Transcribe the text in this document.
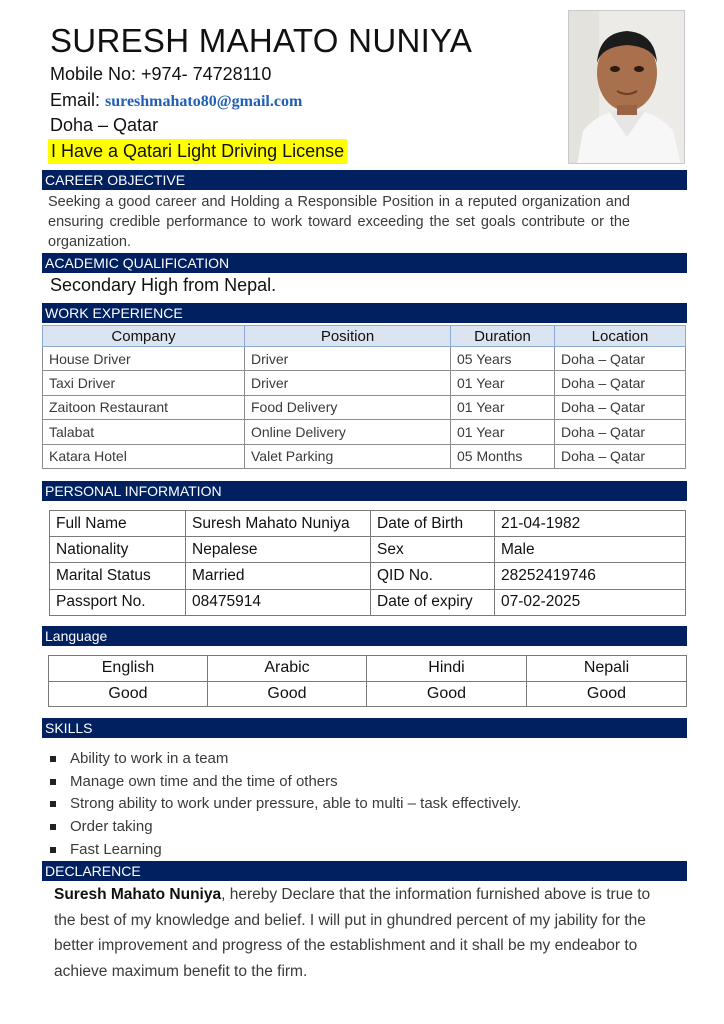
SURESH MAHATO NUNIYA
Mobile No: +974- 74728110
Email: sureshmahato80@gmail.com
Doha – Qatar
I Have a Qatari Light Driving License
CAREER OBJECTIVE
Seeking a good career and Holding a Responsible Position in a reputed organization and ensuring credible performance to work toward exceeding the set goals contribute or the organization.
ACADEMIC QUALIFICATION
Secondary High from Nepal.
WORK EXPERIENCE
Company	Position	Duration	Location
House Driver	Driver	05 Years	Doha – Qatar
Taxi Driver	Driver	01 Year	Doha – Qatar
Zaitoon Restaurant	Food Delivery	01 Year	Doha – Qatar
Talabat	Online Delivery	01 Year	Doha – Qatar
Katara Hotel	Valet Parking	05 Months	Doha – Qatar
PERSONAL INFORMATION
Full Name	Suresh Mahato Nuniya	Date of Birth	21-04-1982
Nationality	Nepalese	Sex	Male
Marital Status	Married	QID No.	28252419746
Passport No.	08475914	Date of expiry	07-02-2025
Language
English	Arabic	Hindi	Nepali
Good	Good	Good	Good
SKILLS
Ability to work in a team
Manage own time and the time of others
Strong ability to work under pressure, able to multi – task effectively.
Order taking
Fast Learning
DECLARENCE
Suresh Mahato Nuniya, hereby Declare that the information furnished above is true to the best of my knowledge and belief. I will put in ghundred percent of my jability for the better improvement and progress of the establishment and it shall be my endeabor to achieve maximum benefit to the firm.
